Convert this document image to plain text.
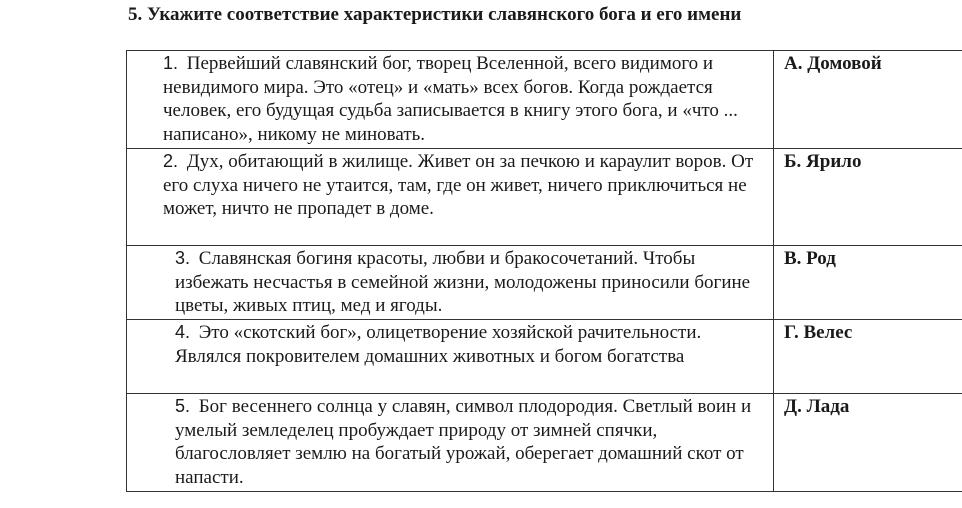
5. Укажите соответствие характеристики славянского бога и его имени
1. Первейший славянский бог, творец Вселенной, всего видимого и невидимого мира. Это «отец» и «мать» всех богов. Когда рождается человек, его будущая судьба записывается в книгу этого бога, и «что ... написано», никому не миновать.	А. Домовой

2. Дух, обитающий в жилище. Живет он за печкою и караулит воров. От его слуха ничего не утаится, там, где он живет, ничего приключиться не может, ничто не пропадет в доме.	Б. Ярило

3. Славянская богиня красоты, любви и бракосочетаний. Чтобы избежать несчастья в семейной жизни, молодожены приносили богине цветы, живых птиц, мед и ягоды.	В. Род

4. Это «скотский бог», олицетворение хозяйской рачительности. Являлся покровителем домашних животных и богом богатства	Г. Велес

5. Бог весеннего солнца у славян, символ плодородия. Светлый воин и умелый земледелец пробуждает природу от зимней спячки, благословляет землю на богатый урожай, оберегает домашний скот от напасти.	Д. Лада
